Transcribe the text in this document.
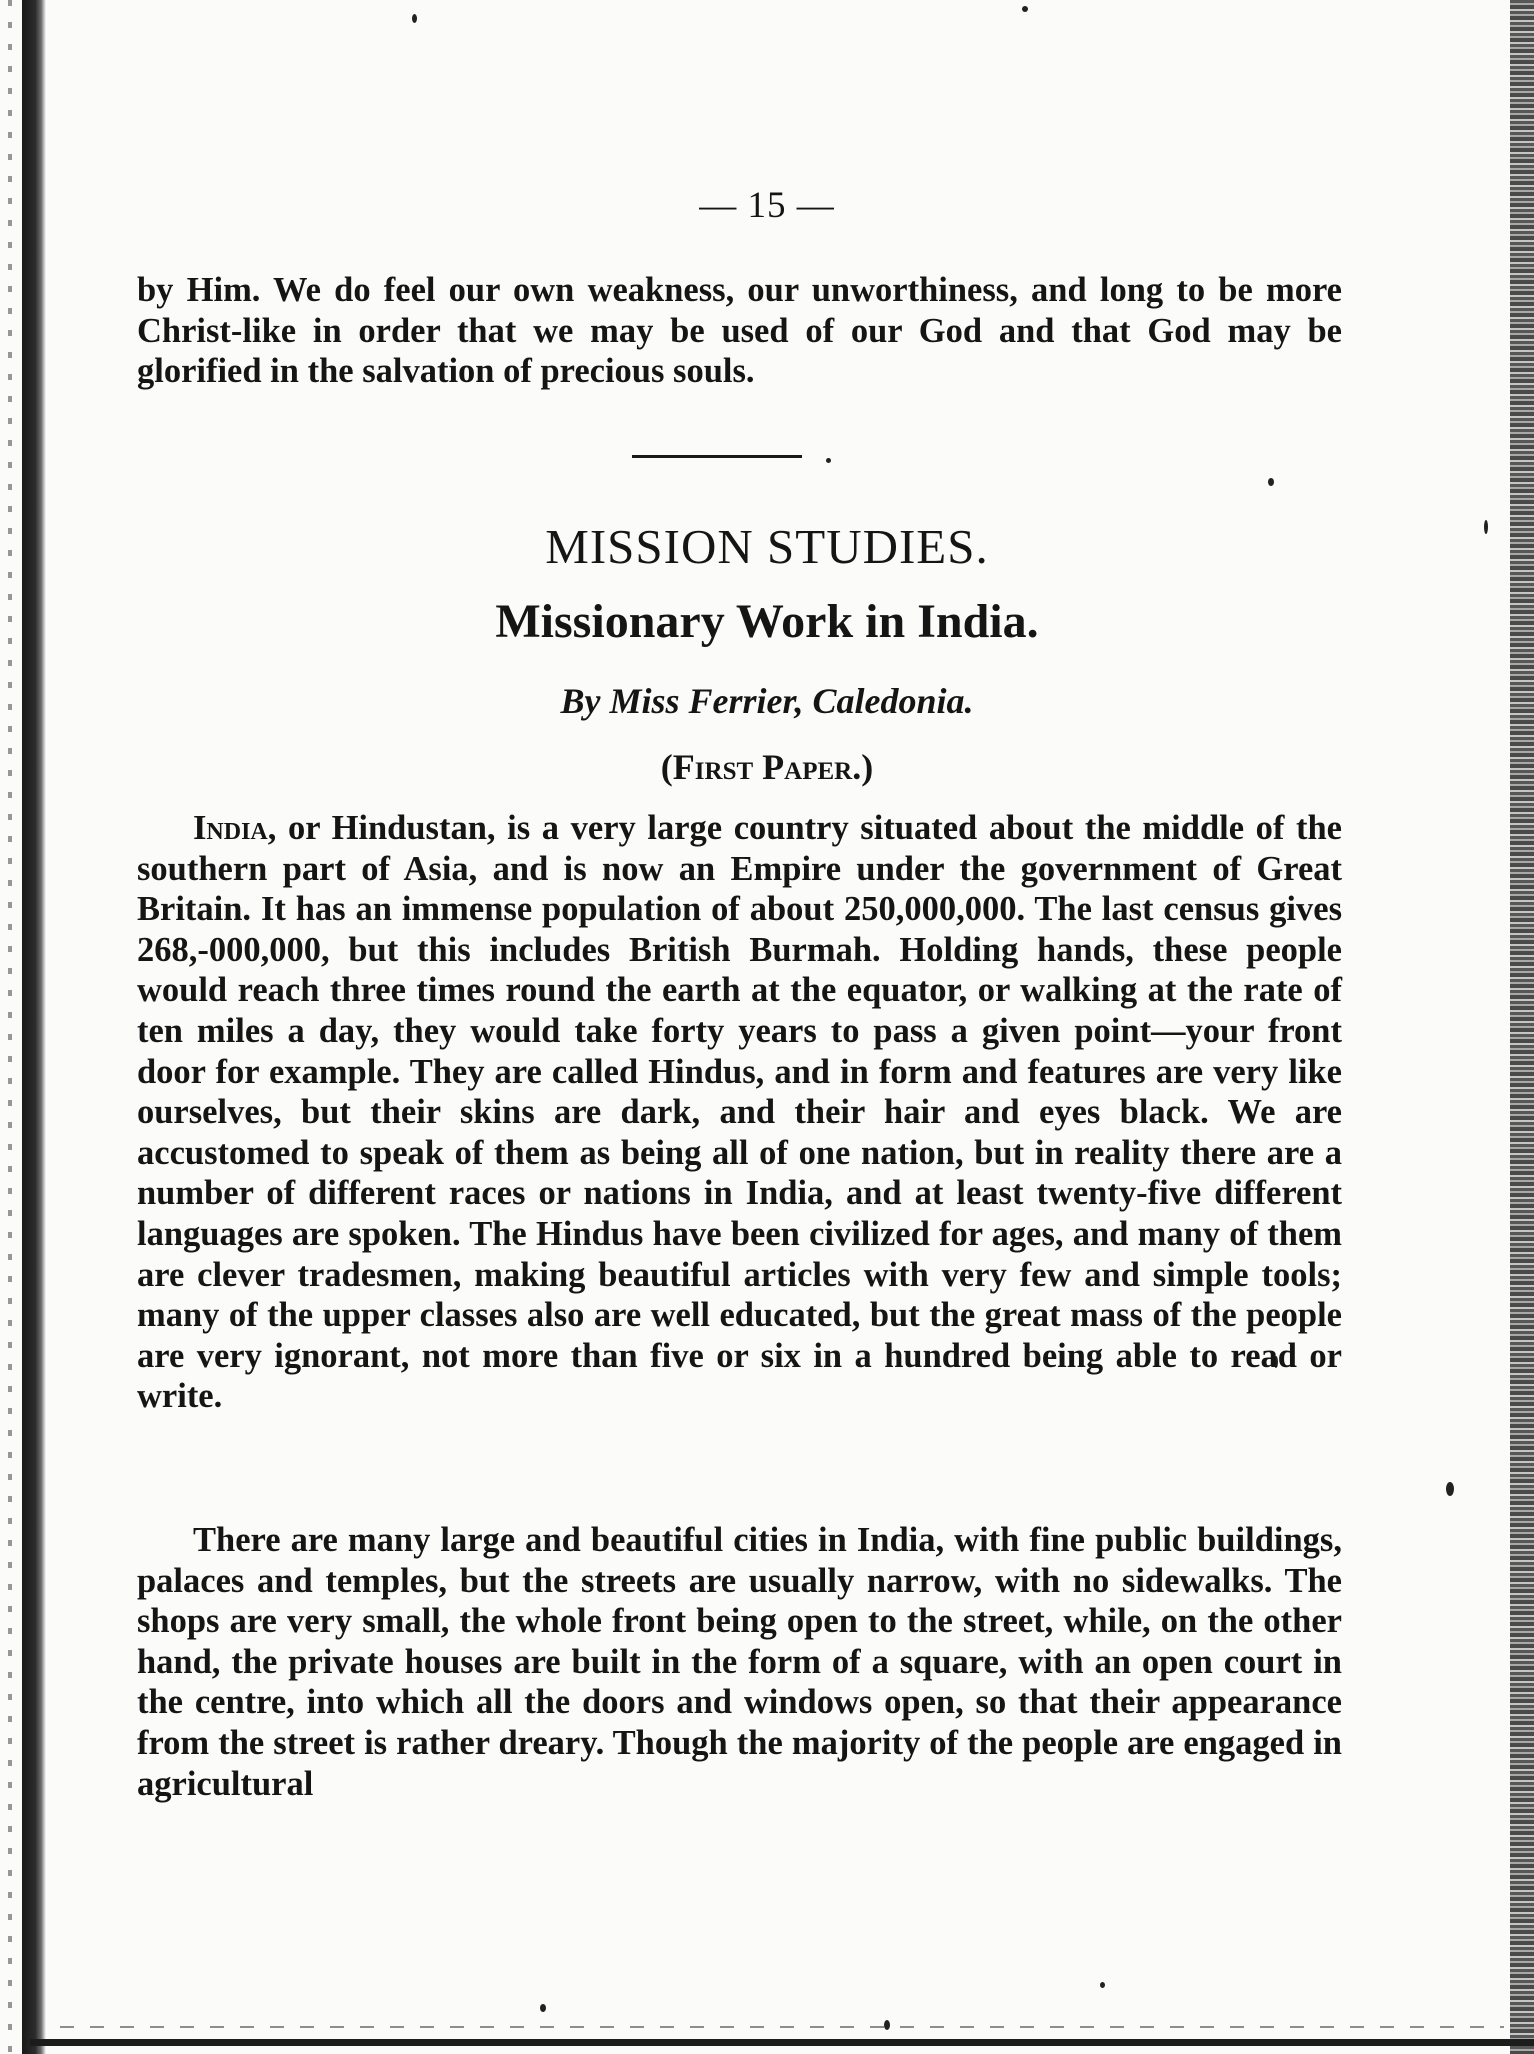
— 15 —

by Him. We do feel our own weakness, our unworthiness, and long to be more Christ-like in order that we may be used of our God and that God may be glorified in the salvation of precious souls.

MISSION STUDIES.
Missionary Work in India.
By Miss Ferrier, Caledonia.
(First Paper.)

India, or Hindustan, is a very large country situated about the middle of the southern part of Asia, and is now an Empire under the government of Great Britain. It has an immense population of about 250,000,000. The last census gives 268,-000,000, but this includes British Burmah. Holding hands, these people would reach three times round the earth at the equator, or walking at the rate of ten miles a day, they would take forty years to pass a given point—your front door for example. They are called Hindus, and in form and features are very like ourselves, but their skins are dark, and their hair and eyes black. We are accustomed to speak of them as being all of one nation, but in reality there are a number of different races or nations in India, and at least twenty-five different languages are spoken. The Hindus have been civilized for ages, and many of them are clever tradesmen, making beautiful articles with very few and simple tools; many of the upper classes also are well educated, but the great mass of the people are very ignorant, not more than five or six in a hundred being able to read or write.

There are many large and beautiful cities in India, with fine public buildings, palaces and temples, but the streets are usually narrow, with no sidewalks. The shops are very small, the whole front being open to the street, while, on the other hand, the private houses are built in the form of a square, with an open court in the centre, into which all the doors and windows open, so that their appearance from the street is rather dreary. Though the majority of the people are engaged in agricultural
